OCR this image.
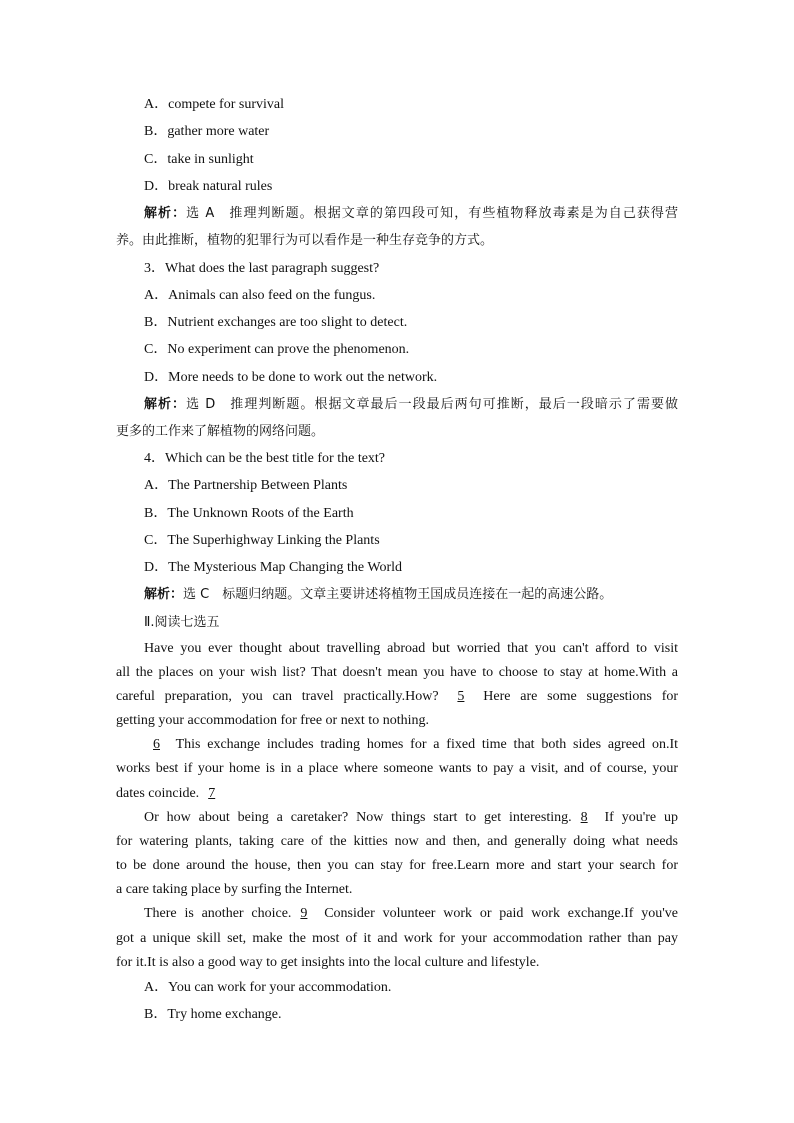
A．compete for survival
B．gather more water
C．take in sunlight
D．break natural rules
解析：选 A　推理判断题。根据文章的第四段可知，有些植物释放毒素是为自己获得营
养。由此推断，植物的犯罪行为可以看作是一种生存竞争的方式。
3．What does the last paragraph suggest?
A．Animals can also feed on the fungus.
B．Nutrient exchanges are too slight to detect.
C．No experiment can prove the phenomenon.
D．More needs to be done to work out the network.
解析：选 D　推理判断题。根据文章最后一段最后两句可推断，最后一段暗示了需要做
更多的工作来了解植物的网络问题。
4．Which can be the best title for the text?
A．The Partnership Between Plants
B．The Unknown Roots of the Earth
C．The Superhighway Linking the Plants
D．The Mysterious Map Changing the World
解析：选 C　标题归纳题。文章主要讲述将植物王国成员连接在一起的高速公路。
Ⅱ.阅读七选五
Have you ever thought about travelling abroad but worried that you can't afford to visit
all the places on your wish list? That doesn't mean you have to choose to stay at home.With a
careful preparation, you can travel practically.How? 5 Here are some suggestions for
getting your accommodation for free or next to nothing.
6 This exchange includes trading homes for a fixed time that both sides agreed on.It
works best if your home is in a place where someone wants to pay a visit, and of course, your
dates coincide. 7
Or how about being a caretaker? Now things start to get interesting. 8 If you're up
for watering plants, taking care of the kitties now and then, and generally doing what needs
to be done around the house, then you can stay for free.Learn more and start your search for
a care taking place by surfing the Internet.
There is another choice. 9 Consider volunteer work or paid work exchange.If you've
got a unique skill set, make the most of it and work for your accommodation rather than pay
for it.It is also a good way to get insights into the local culture and lifestyle.
A．You can work for your accommodation.
B．Try home exchange.
